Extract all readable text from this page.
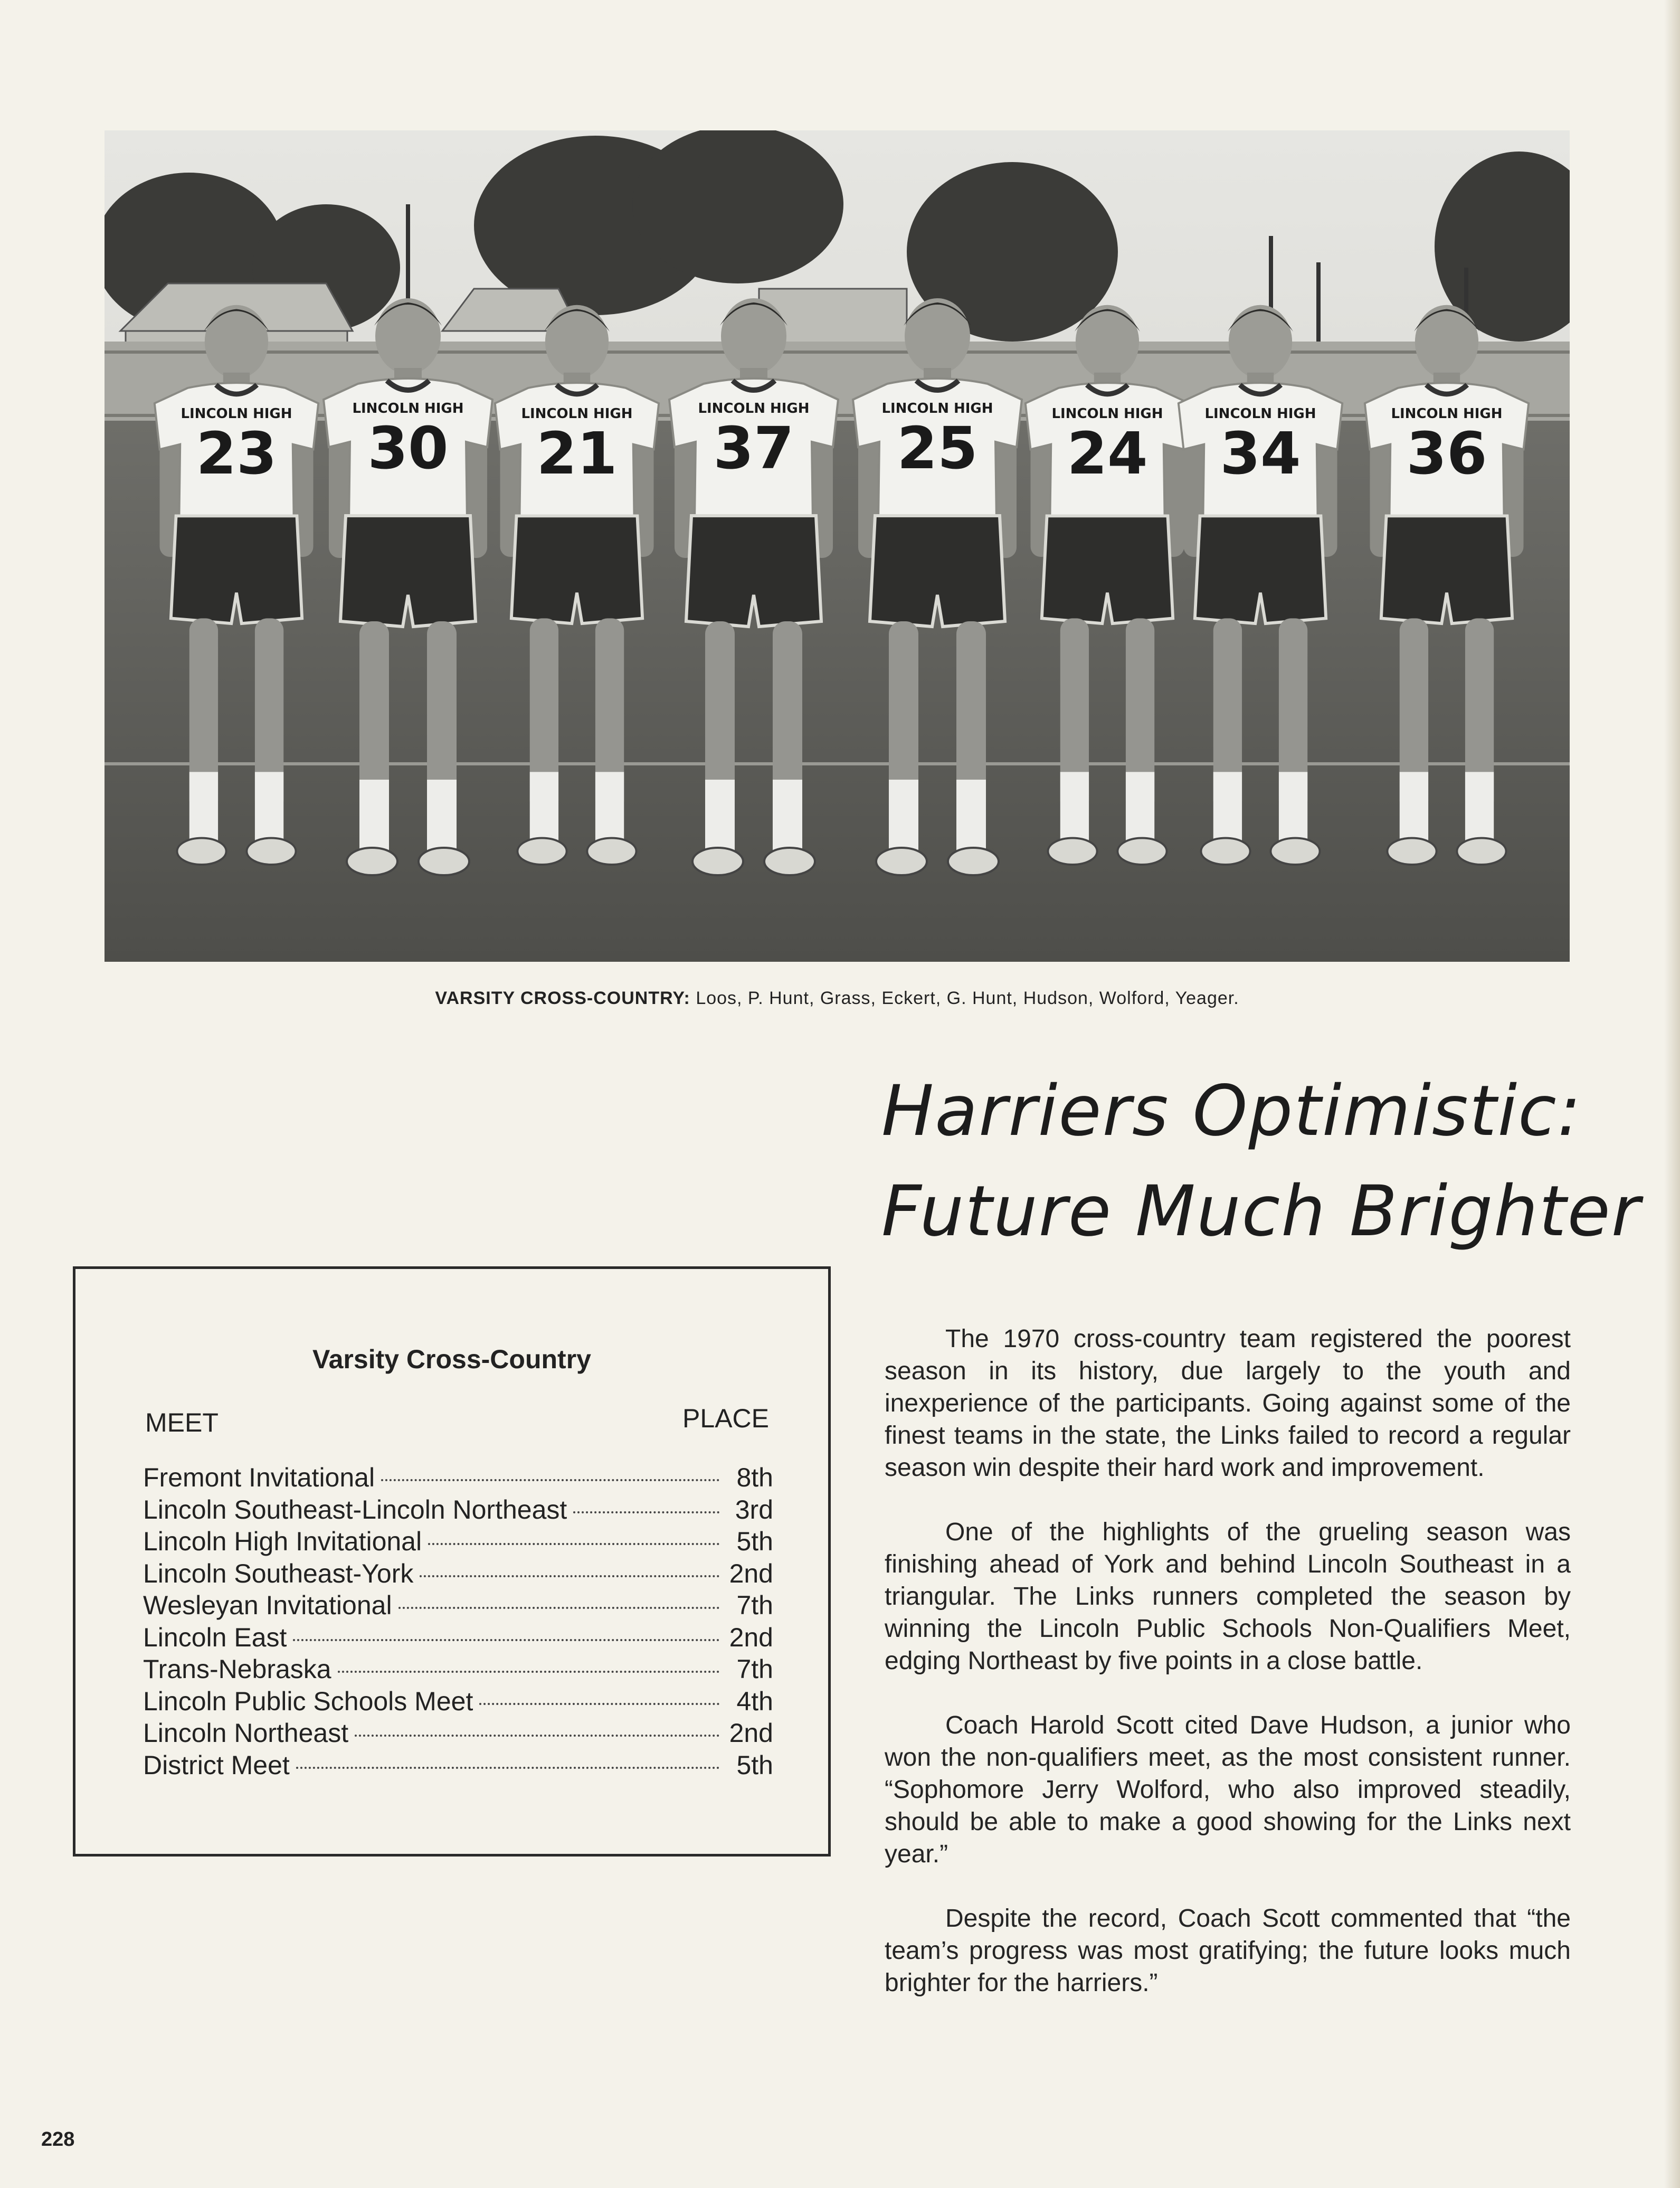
LINCOLN HIGH
23
LINCOLN HIGH
30
LINCOLN HIGH
21
LINCOLN HIGH
37
LINCOLN HIGH
25
LINCOLN HIGH
24
LINCOLN HIGH
34
LINCOLN HIGH
36
VARSITY CROSS-COUNTRY: Loos, P. Hunt, Grass, Eckert, G. Hunt, Hudson, Wolford, Yeager.
Harriers Optimistic:
Future Much Brighter
Varsity Cross-Country
MEET	PLACE
Fremont Invitational	8th
Lincoln Southeast-Lincoln Northeast	3rd
Lincoln High Invitational	5th
Lincoln Southeast-York	2nd
Wesleyan Invitational	7th
Lincoln East	2nd
Trans-Nebraska	7th
Lincoln Public Schools Meet	4th
Lincoln Northeast	2nd
District Meet	5th

The 1970 cross-country team registered the poorest season in its history, due largely to the youth and inexperience of the participants. Going against some of the finest teams in the state, the Links failed to record a regular season win despite their hard work and improvement.

One of the highlights of the grueling season was finishing ahead of York and behind Lincoln Southeast in a triangular. The Links runners completed the season by winning the Lincoln Public Schools Non-Qualifiers Meet, edging Northeast by five points in a close battle.

Coach Harold Scott cited Dave Hudson, a junior who won the non-qualifiers meet, as the most consistent runner. “Sophomore Jerry Wolford, who also improved steadily, should be able to make a good showing for the Links next year.”

Despite the record, Coach Scott commented that “the team’s progress was most gratifying; the future looks much brighter for the harriers.”

228
